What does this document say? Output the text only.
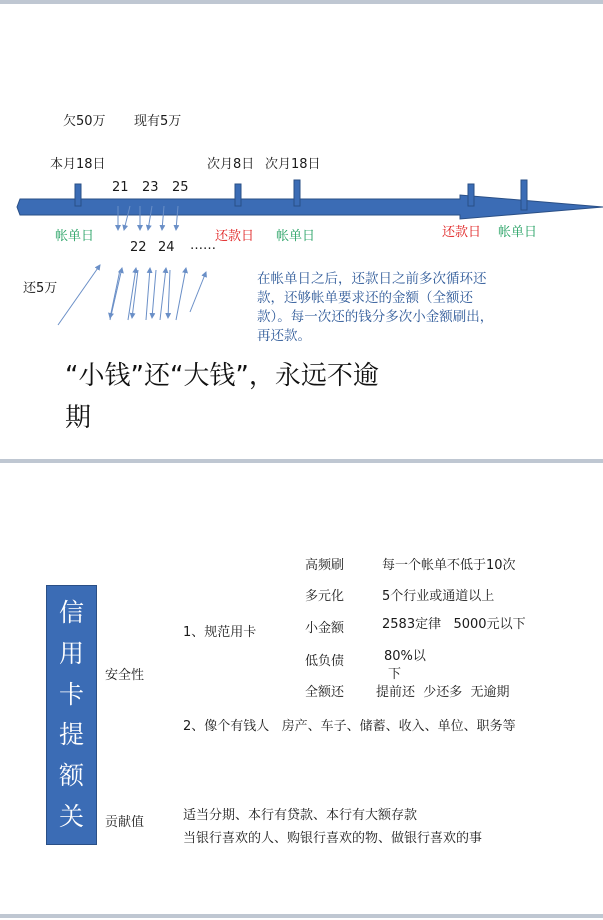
欠50万 现有5万
本月18日	次月8日 次月18日
21 23 25
帐单日	还款日 帐单日	还款日 帐单日
22 24 ……
还5万
在帐单日之后，还款日之前多次循环还
款，还够帐单要求还的金额（全额还
款）。每一次还的钱分多次小金额刷出，
再还款。
“小钱”还“大钱”，永远不逾
期
信
用
卡
提
额
关
安全性
贡献值
1、规范用卡
高频刷	每一个帐单不低于10次
多元化	5个行业或通道以上
小金额	2583定律   5000元以下
低负债	80%以
下
全额还 提前还  少还多  无逾期
2、像个有钱人   房产、车子、储蓄、收入、单位、职务等
适当分期、本行有贷款、本行有大额存款
当银行喜欢的人、购银行喜欢的物、做银行喜欢的事
